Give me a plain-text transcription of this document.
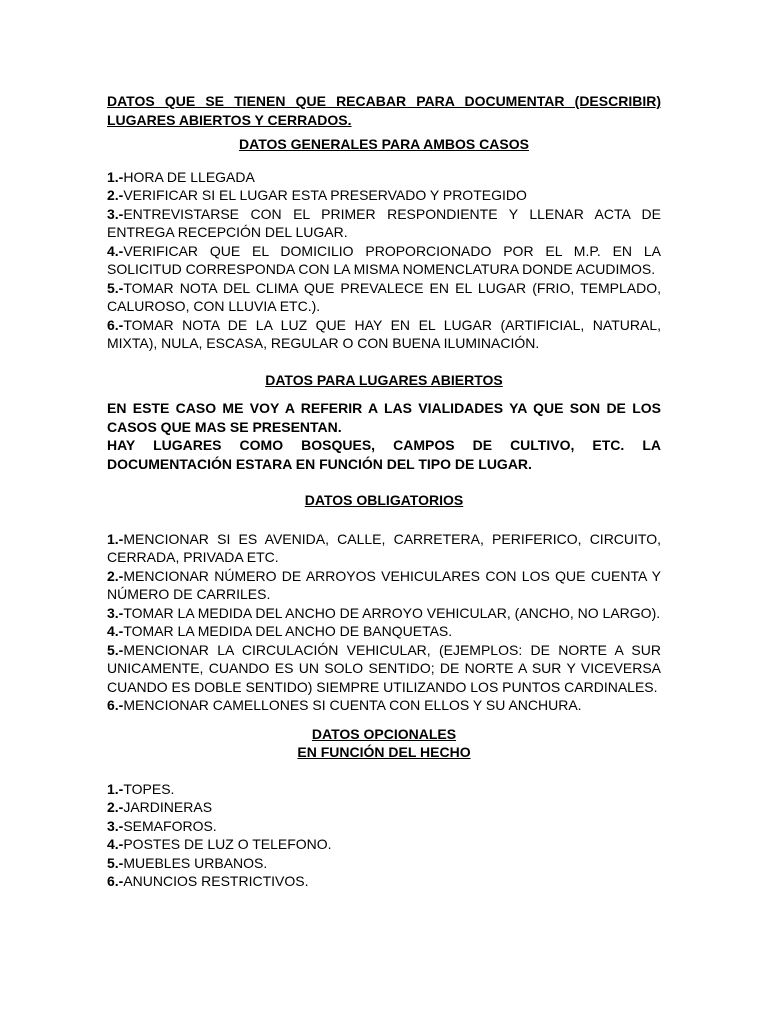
DATOS QUE SE TIENEN QUE RECABAR PARA DOCUMENTAR (DESCRIBIR) LUGARES ABIERTOS Y CERRADOS.

DATOS GENERALES PARA AMBOS CASOS

1.-HORA DE LLEGADA
2.-VERIFICAR SI EL LUGAR ESTA PRESERVADO Y PROTEGIDO
3.-ENTREVISTARSE CON EL PRIMER RESPONDIENTE Y LLENAR ACTA DE ENTREGA RECEPCIÓN DEL LUGAR.
4.-VERIFICAR QUE EL DOMICILIO PROPORCIONADO POR EL M.P. EN LA SOLICITUD CORRESPONDA CON LA MISMA NOMENCLATURA DONDE ACUDIMOS.
5.-TOMAR NOTA DEL CLIMA QUE PREVALECE EN EL LUGAR (FRIO, TEMPLADO, CALUROSO, CON LLUVIA ETC.).
6.-TOMAR NOTA DE LA LUZ QUE HAY EN EL LUGAR (ARTIFICIAL, NATURAL, MIXTA), NULA, ESCASA, REGULAR O CON BUENA ILUMINACIÓN.

DATOS PARA LUGARES ABIERTOS

EN ESTE CASO ME VOY A REFERIR A LAS VIALIDADES YA QUE SON DE LOS CASOS QUE MAS SE PRESENTAN.

HAY LUGARES COMO BOSQUES, CAMPOS DE CULTIVO, ETC. LA DOCUMENTACIÓN ESTARA EN FUNCIÓN DEL TIPO DE LUGAR.

DATOS OBLIGATORIOS

1.-MENCIONAR SI ES AVENIDA, CALLE, CARRETERA, PERIFERICO, CIRCUITO, CERRADA, PRIVADA ETC.
2.-MENCIONAR NÚMERO DE ARROYOS VEHICULARES CON LOS QUE CUENTA Y NÚMERO DE CARRILES.
3.-TOMAR LA MEDIDA DEL ANCHO DE ARROYO VEHICULAR, (ANCHO, NO LARGO).
4.-TOMAR LA MEDIDA DEL ANCHO DE BANQUETAS.
5.-MENCIONAR LA CIRCULACIÓN VEHICULAR, (EJEMPLOS: DE NORTE A SUR UNICAMENTE, CUANDO ES UN SOLO SENTIDO; DE NORTE A SUR Y VICEVERSA CUANDO ES DOBLE SENTIDO) SIEMPRE UTILIZANDO LOS PUNTOS CARDINALES.
6.-MENCIONAR CAMELLONES SI CUENTA CON ELLOS Y SU ANCHURA.

DATOS OPCIONALES

EN FUNCIÓN DEL HECHO

1.-TOPES.
2.-JARDINERAS
3.-SEMAFOROS.
4.-POSTES DE LUZ O TELEFONO.
5.-MUEBLES URBANOS.
6.-ANUNCIOS RESTRICTIVOS.
